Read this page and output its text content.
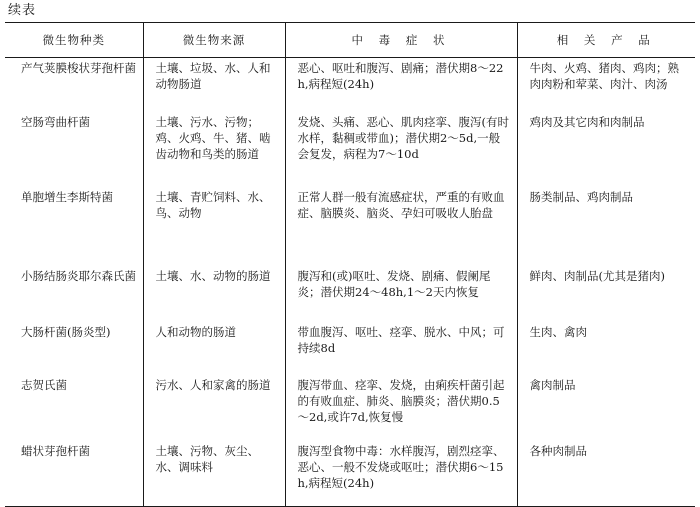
续表
微生物种类	微生物来源	中 毒 症 状	相 关 产 品
产气荚膜梭状芽孢杆菌	土壤、垃圾、水、人和动物肠道	恶心、呕吐和腹泻、剧痛；潜伏期8～22h,病程短(24h)	牛肉、火鸡、猪肉、鸡肉；熟肉肉粉和荤菜、肉汁、肉汤
空肠弯曲杆菌	土壤、污水、污物；鸡、火鸡、牛、猪、啮齿动物和鸟类的肠道	发烧、头痛、恶心、肌肉痉挛、腹泻(有时水样，黏稠或带血)；潜伏期2～5d,一般会复发，病程为7～10d	鸡肉及其它肉和肉制品
单胞增生李斯特菌	土壤、青贮饲料、水、鸟、动物	正常人群一般有流感症状，严重的有败血症、脑膜炎、脑炎、孕妇可吸收人胎盘	肠类制品、鸡肉制品
小肠结肠炎耶尔森氏菌	土壤、水、动物的肠道	腹泻和(或)呕吐、发烧、剧痛、假阑尾炎；潜伏期24～48h,1～2天内恢复	鲜肉、肉制品(尤其是猪肉)
大肠杆菌(肠炎型)	人和动物的肠道	带血腹泻、呕吐、痉挛、脱水、中风；可持续8d	生肉、禽肉
志贺氏菌	污水、人和家禽的肠道	腹泻带血、痉挛、发烧，由痢疾杆菌引起的有败血症、肺炎、脑膜炎；潜伏期0.5～2d,或许7d,恢复慢	禽肉制品
蜡状芽孢杆菌	土壤、污物、灰尘、水、调味料	腹泻型食物中毒：水样腹泻，剧烈痉挛、恶心、一般不发烧或呕吐；潜伏期6～15h,病程短(24h)	各种肉制品
